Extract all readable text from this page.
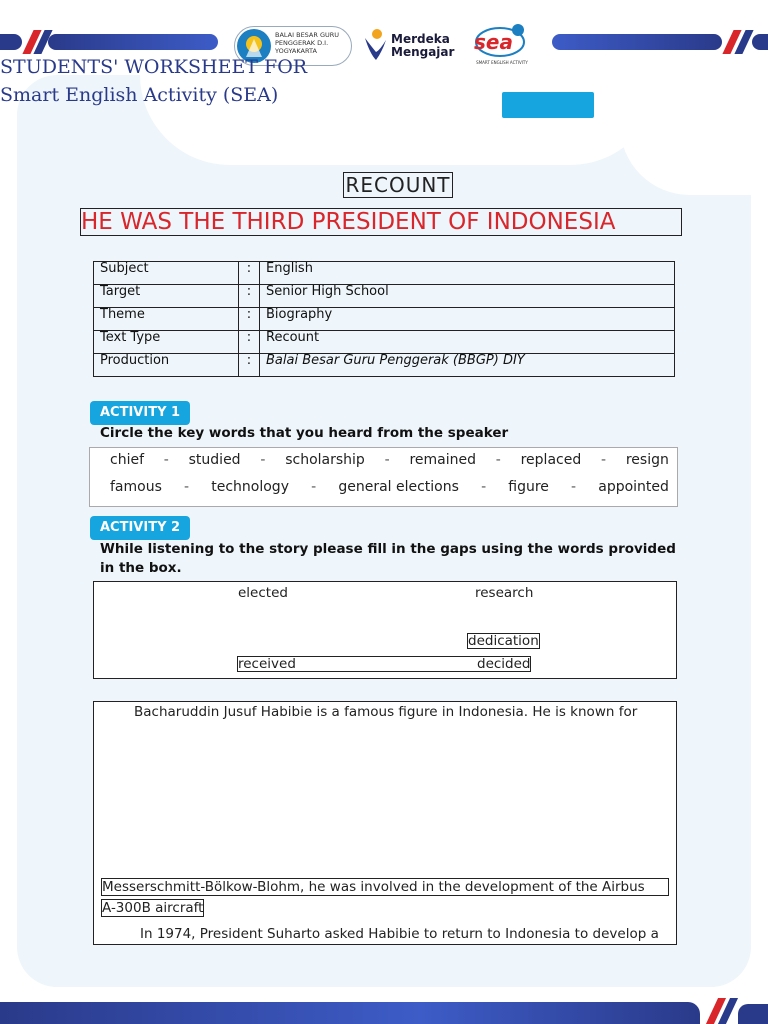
BALAI BESAR GURU PENGGERAK D.I. YOGYAKARTA
Merdeka
Mengajar sea
SMART ENGLISH ACTIVITY
STUDENTS' WORKSHEET FOR
Smart English Activity (SEA)
RECOUNT
HE WAS THE THIRD PRESIDENT OF INDONESIA
Subject	:	English
Target	:	Senior High School
Theme	:	Biography
Text Type	:	Recount
Production	:	Balai Besar Guru Penggerak (BBGP) DIY
ACTIVITY 1
Circle the key words that you heard from the speaker
chief - studied - scholarship - remained - replaced - resign
famous - technology - general elections - figure - appointed
ACTIVITY 2
While listening to the story please fill in the gaps using the words provided
in the box.
elected	research
dedication
received	decided
Bacharuddin Jusuf Habibie is a famous figure in Indonesia. He is known for
Messerschmitt-Bölkow-Blohm, he was involved in the development of the Airbus
A-300B aircraft
In 1974, President Suharto asked Habibie to return to Indonesia to develop a
